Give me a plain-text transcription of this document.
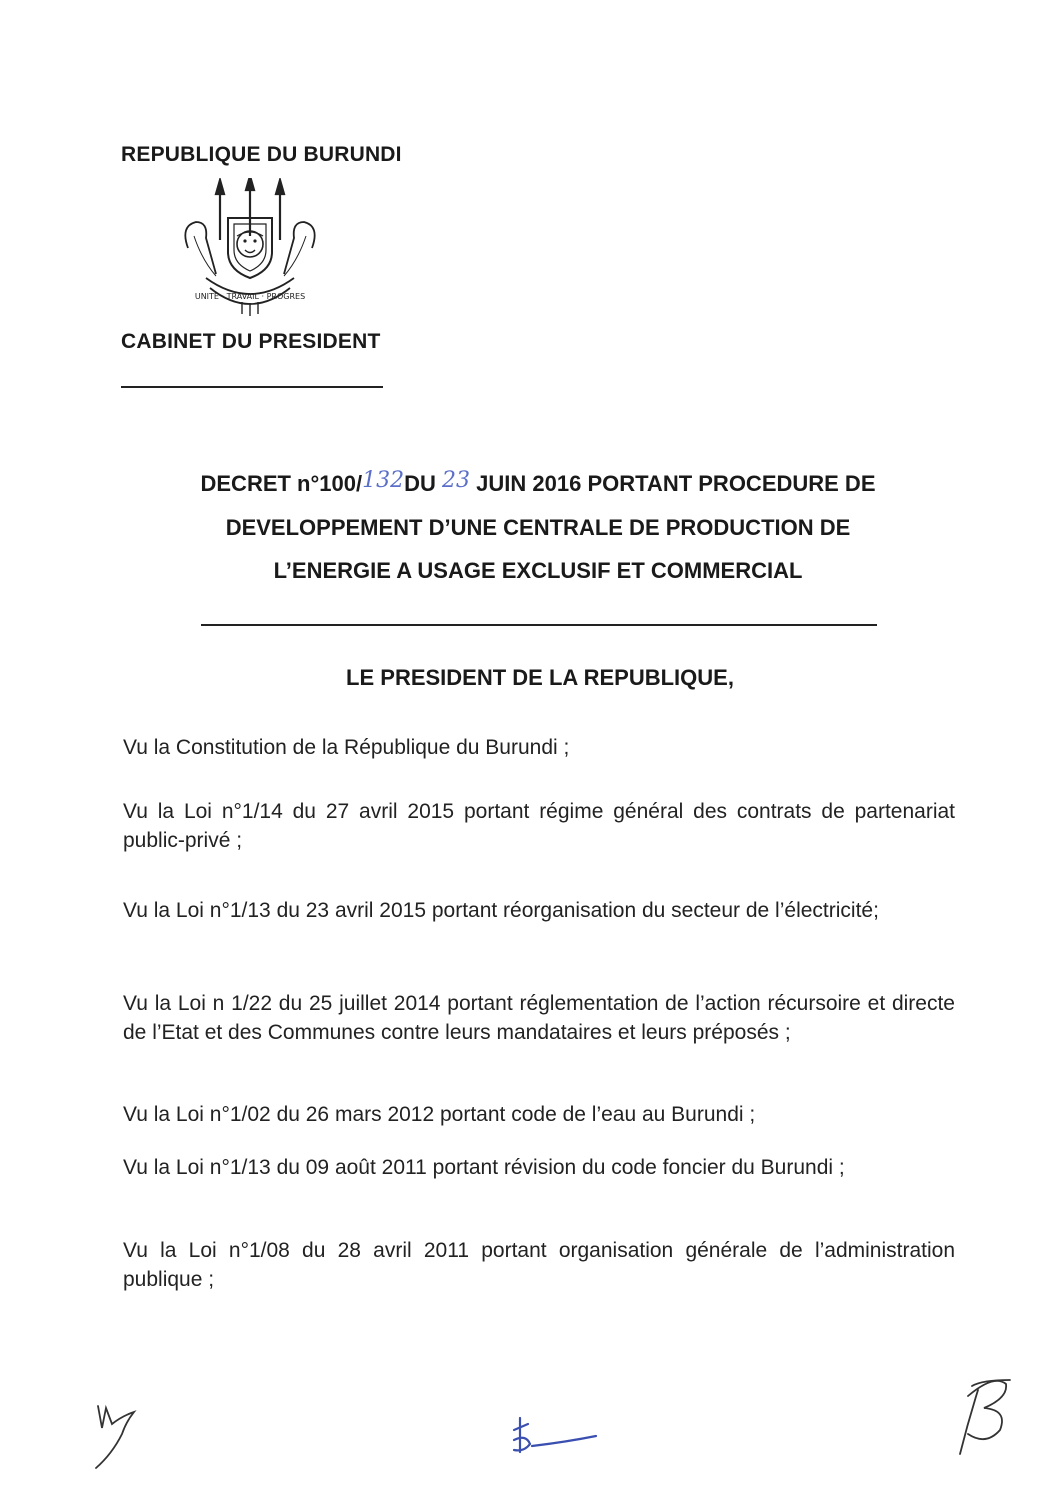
REPUBLIQUE DU BURUNDI
UNITE · TRAVAIL · PROGRES
CABINET DU PRESIDENT
DECRET n°100/132DU 23 JUIN 2016 PORTANT PROCEDURE DE
DEVELOPPEMENT D’UNE CENTRALE DE PRODUCTION DE
L’ENERGIE A USAGE EXCLUSIF ET COMMERCIAL
LE PRESIDENT DE LA REPUBLIQUE,
Vu la Constitution de la République du Burundi ;
Vu la Loi n°1/14 du 27 avril 2015 portant régime général des contrats de partenariat public-privé ;
Vu la Loi n°1/13 du 23 avril 2015 portant réorganisation du secteur de l’électricité;
Vu la Loi n 1/22 du 25 juillet 2014 portant réglementation de l’action récursoire et directe de l’Etat et des Communes contre leurs mandataires et leurs préposés ;
Vu la Loi n°1/02 du 26 mars 2012 portant code de l’eau au Burundi ;
Vu la Loi n°1/13 du 09 août 2011 portant révision du code foncier du Burundi ;
Vu la Loi n°1/08 du 28 avril 2011 portant organisation générale de l’administration publique ;
